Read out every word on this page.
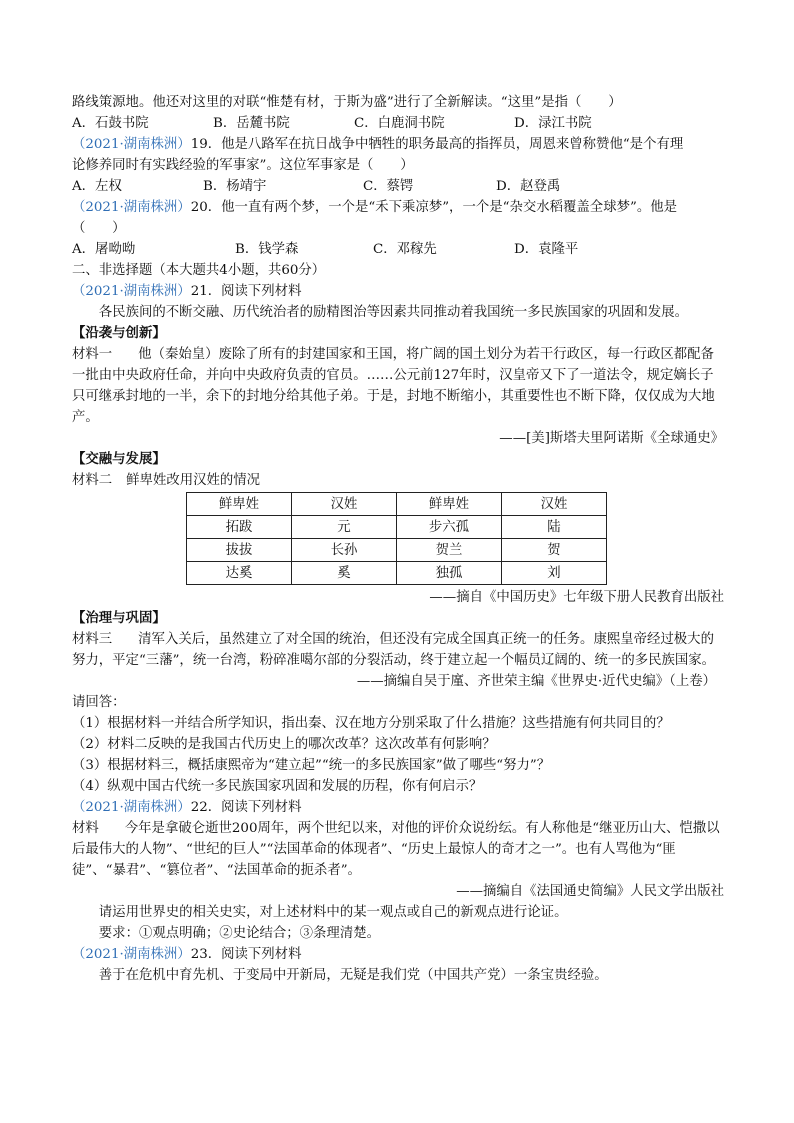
路线策源地。他还对这里的对联“惟楚有材，于斯为盛”进行了全新解读。“这里”是指（　　）
A．石鼓书院	B．岳麓书院	C．白鹿洞书院	D．渌江书院
（2021·湖南株洲）19．他是八路军在抗日战争中牺牲的职务最高的指挥员，周恩来曾称赞他“是个有理
论修养同时有实践经验的军事家”。这位军事家是（　　）
A．左权	B．杨靖宇	C．蔡锷	D．赵登禹
（2021·湖南株洲）20．他一直有两个梦，一个是“禾下乘凉梦”，一个是“杂交水稻覆盖全球梦”。他是
（　　）
A．屠呦呦	B．钱学森	C．邓稼先	D．袁隆平
二、非选择题（本大题共4小题，共60分）
（2021·湖南株洲）21．阅读下列材料
各民族间的不断交融、历代统治者的励精图治等因素共同推动着我国统一多民族国家的巩固和发展。
【沿袭与创新】
材料一 他（秦始皇）废除了所有的封建国家和王国，将广阔的国土划分为若干行政区，每一行政区都配备一批由中央政府任命，并向中央政府负责的官员。……公元前127年时，汉皇帝又下了一道法令，规定嫡长子只可继承封地的一半，余下的封地分给其他子弟。于是，封地不断缩小，其重要性也不断下降，仅仅成为大地产。
——[美]斯塔夫里阿诺斯《全球通史》
【交融与发展】
材料二 鲜卑姓改用汉姓的情况
鲜卑姓	汉姓	鲜卑姓	汉姓
拓跋	元	步六孤	陆
拔拔	长孙	贺兰	贺
达奚	奚	独孤	刘
——摘自《中国历史》七年级下册人民教育出版社
【治理与巩固】
材料三 清军入关后，虽然建立了对全国的统治，但还没有完成全国真正统一的任务。康熙皇帝经过极大的努力，平定“三藩”，统一台湾，粉碎准噶尔部的分裂活动，终于建立起一个幅员辽阔的、统一的多民族国家。
——摘编自吴于廑、齐世荣主编《世界史·近代史编》（上卷）
请回答：
（1）根据材料一并结合所学知识，指出秦、汉在地方分别采取了什么措施？这些措施有何共同目的？
（2）材料二反映的是我国古代历史上的哪次改革？这次改革有何影响？
（3）根据材料三，概括康熙帝为“建立起”“统一的多民族国家”做了哪些“努力”？
（4）纵观中国古代统一多民族国家巩固和发展的历程，你有何启示？
（2021·湖南株洲）22．阅读下列材料
材料 今年是拿破仑逝世200周年，两个世纪以来，对他的评价众说纷纭。有人称他是“继亚历山大、恺撒以后最伟大的人物”、“世纪的巨人”“法国革命的体现者”、“历史上最惊人的奇才之一”。也有人骂他为“匪徒”、“暴君”、“篡位者”、“法国革命的扼杀者”。
——摘编自《法国通史简编》人民文学出版社
请运用世界史的相关史实，对上述材料中的某一观点或自己的新观点进行论证。
要求：①观点明确；②史论结合；③条理清楚。
（2021·湖南株洲）23．阅读下列材料
善于在危机中育先机、于变局中开新局，无疑是我们党（中国共产党）一条宝贵经验。
